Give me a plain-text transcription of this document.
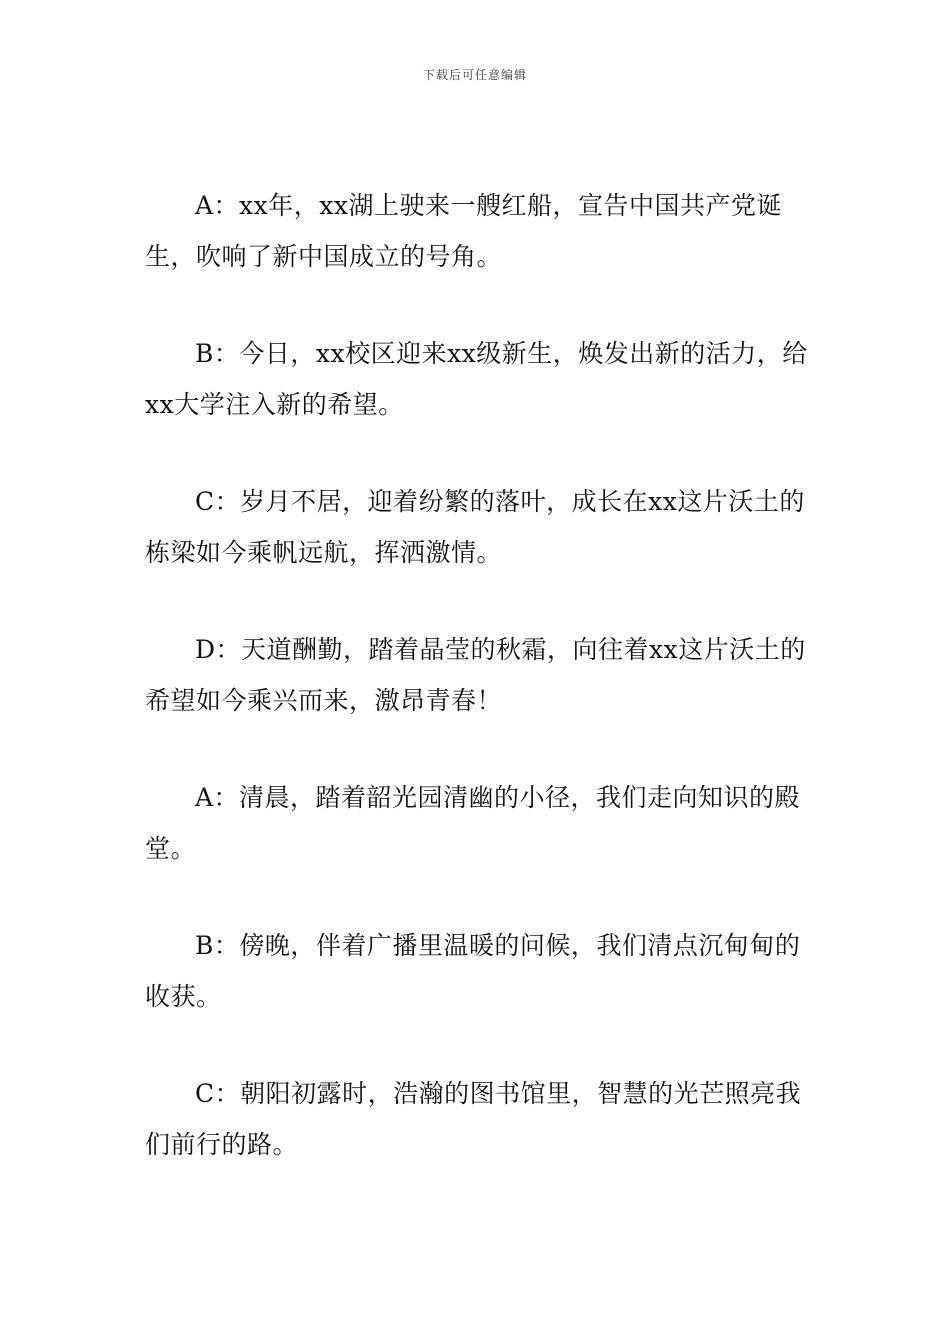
下载后可任意编辑

A：xx年，xx湖上驶来一艘红船，宣告中国共产党诞生，吹响了新中国成立的号角。

B：今日，xx校区迎来xx级新生，焕发出新的活力，给xx大学注入新的希望。

C：岁月不居，迎着纷繁的落叶，成长在xx这片沃土的栋梁如今乘帆远航，挥洒激情。

D：天道酬勤，踏着晶莹的秋霜，向往着xx这片沃土的希望如今乘兴而来，激昂青春！

A：清晨，踏着韶光园清幽的小径，我们走向知识的殿堂。

B：傍晚，伴着广播里温暖的问候，我们清点沉甸甸的收获。

C：朝阳初露时，浩瀚的图书馆里，智慧的光芒照亮我们前行的路。
